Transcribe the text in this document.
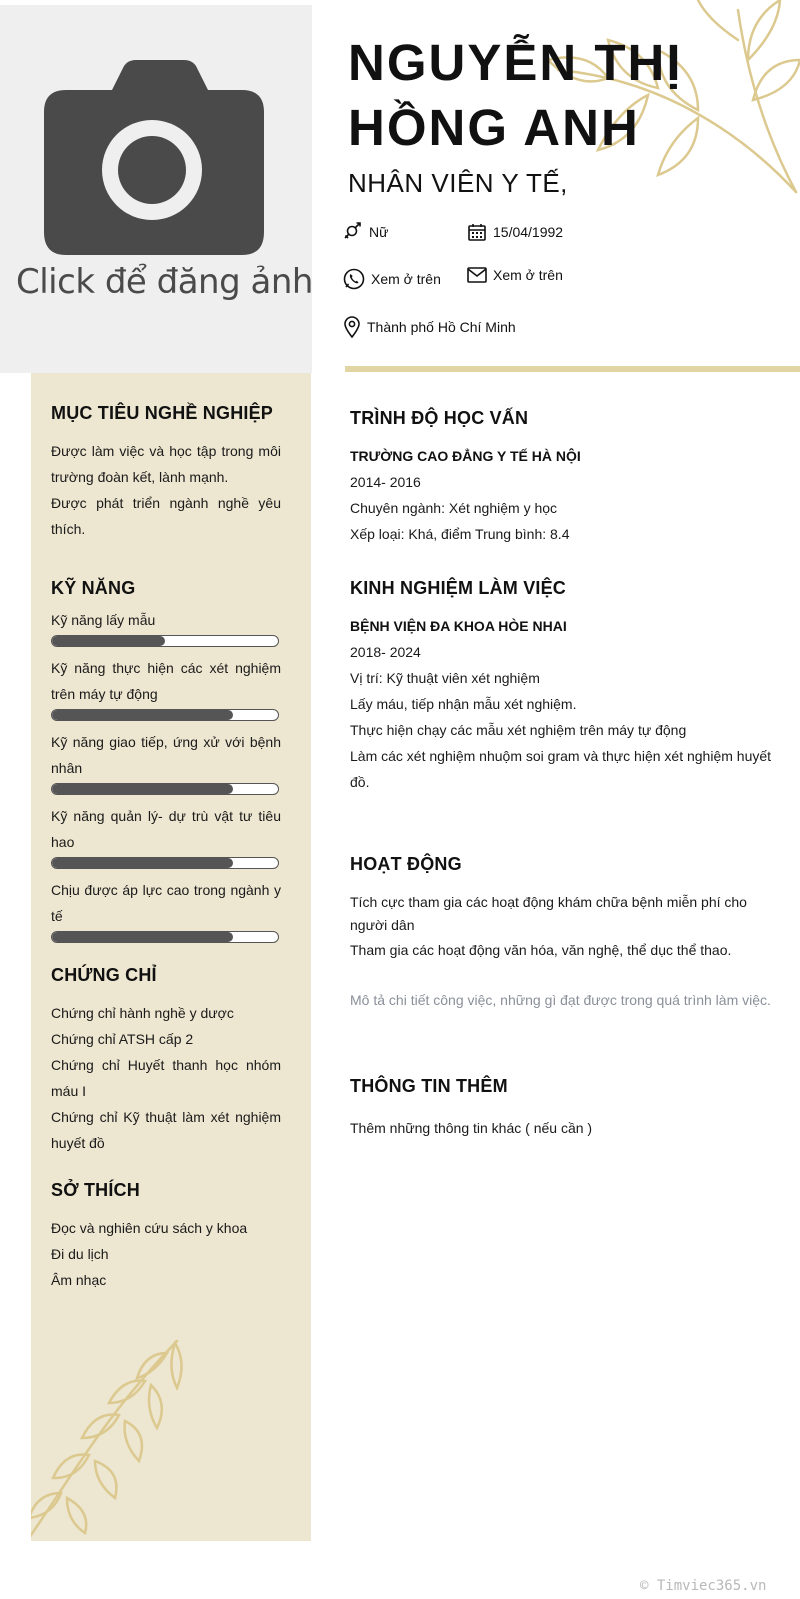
Click để đăng ảnh
MỤC TIÊU NGHỀ NGHIỆP
Được làm việc và học tập trong môi trường đoàn kết, lành mạnh.
Được phát triển ngành nghề yêu thích.
KỸ NĂNG
Kỹ năng lấy mẫu
Kỹ năng thực hiện các xét nghiệm trên máy tự động
Kỹ năng giao tiếp, ứng xử với bệnh nhân
Kỹ năng quản lý- dự trù vật tư tiêu hao
Chịu được áp lực cao trong ngành y tế
CHỨNG CHỈ
Chứng chỉ hành nghề y dược
Chứng chỉ ATSH cấp 2
Chứng chỉ Huyết thanh học nhóm máu I
Chứng chỉ Kỹ thuật làm xét nghiệm huyết đồ
SỞ THÍCH
Đọc và nghiên cứu sách y khoa
Đi du lịch
Âm nhạc
NGUYỄN THỊ HỒNG ANH
NHÂN VIÊN Y TẾ,
Nữ	15/04/1992
Xem ở trên	Xem ở trên
Thành phố Hồ Chí Minh
TRÌNH ĐỘ HỌC VẤN
TRƯỜNG CAO ĐẲNG Y TẾ HÀ NỘI
2014- 2016
Chuyên ngành: Xét nghiệm y học
Xếp loại: Khá, điểm Trung bình: 8.4
KINH NGHIỆM LÀM VIỆC
BỆNH VIỆN ĐA KHOA HÒE NHAI
2018- 2024
Vị trí: Kỹ thuật viên xét nghiệm
Lấy máu, tiếp nhận mẫu xét nghiệm.
Thực hiện chạy các mẫu xét nghiệm trên máy tự động
Làm các xét nghiệm nhuộm soi gram và thực hiện xét nghiệm huyết đồ.
HOẠT ĐỘNG
Tích cực tham gia các hoạt động khám chữa bệnh miễn phí cho người dân
Tham gia các hoạt động văn hóa, văn nghệ, thể dục thể thao.
Mô tả chi tiết công việc, những gì đạt được trong quá trình làm việc.
THÔNG TIN THÊM
Thêm những thông tin khác ( nếu cần )
© Timviec365.vn
